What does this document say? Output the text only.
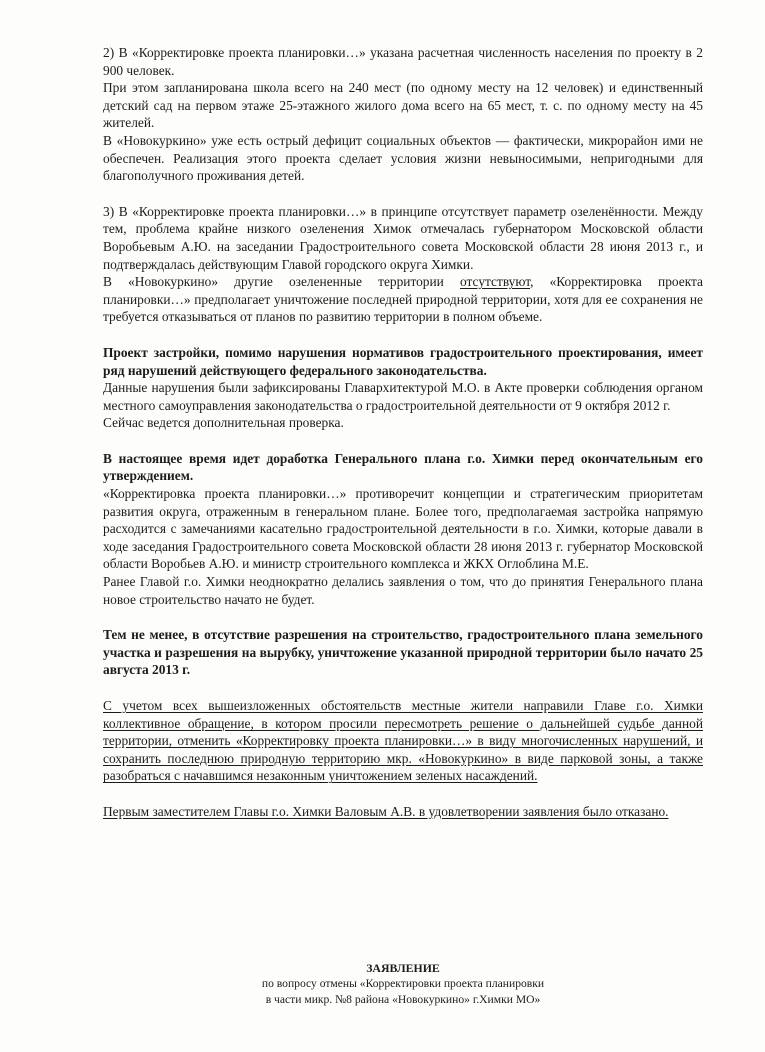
2) В «Корректировке проекта планировки…» указана расчетная численность населения по проекту в 2 900 человек.

При этом запланирована школа всего на 240 мест (по одному месту на 12 человек) и единственный детский сад на первом этаже 25-этажного жилого дома всего на 65 мест, т. с. по одному месту на 45 жителей.

В «Новокуркино» уже есть острый дефицит социальных объектов — фактически, микрорайон ими не обеспечен. Реализация этого проекта сделает условия жизни невыносимыми, непригодными для благополучного проживания детей.

3) В «Корректировке проекта планировки…» в принципе отсутствует параметр озеленённости. Между тем, проблема крайне низкого озеленения Химок отмечалась губернатором Московской области Воробьевым А.Ю. на заседании Градостроительного совета Московской области 28 июня 2013 г., и подтверждалась действующим Главой городского округа Химки.

В «Новокуркино» другие озелененные территории отсутствуют, «Корректировка проекта планировки…» предполагает уничтожение последней природной территории, хотя для ее сохранения не требуется отказываться от планов по развитию территории в полном объеме.

Проект застройки, помимо нарушения нормативов градостроительного проектирования, имеет ряд нарушений действующего федерального законодательства.

Данные нарушения были зафиксированы Главархитектурой М.О. в Акте проверки соблюдения органом местного самоуправления законодательства о градостроительной деятельности от 9 октября 2012 г.

Сейчас ведется дополнительная проверка.

В настоящее время идет доработка Генерального плана г.о. Химки перед окончательным его утверждением.

«Корректировка проекта планировки…» противоречит концепции и стратегическим приоритетам развития округа, отраженным в генеральном плане. Более того, предполагаемая застройка напрямую расходится с замечаниями касательно градостроительной деятельности в г.о. Химки, которые давали в ходе заседания Градостроительного совета Московской области 28 июня 2013 г. губернатор Московской области Воробьев А.Ю. и министр строительного комплекса и ЖКХ Оглоблина М.Е.

Ранее Главой г.о. Химки неоднократно делались заявления о том, что до принятия Генерального плана новое строительство начато не будет.

Тем не менее, в отсутствие разрешения на строительство, градостроительного плана земельного участка и разрешения на вырубку, уничтожение указанной природной территории было начато 25 августа 2013 г.

С учетом всех вышеизложенных обстоятельств местные жители направили Главе г.о. Химки коллективное обращение, в котором просили пересмотреть решение о дальнейшей судьбе данной территории, отменить «Корректировку проекта планировки…» в виду многочисленных нарушений, и сохранить последнюю природную территорию мкр. «Новокуркино» в виде парковой зоны, а также разобраться с начавшимся незаконным уничтожением зеленых насаждений.

Первым заместителем Главы г.о. Химки Валовым А.В. в удовлетворении заявления было отказано.

ЗАЯВЛЕНИЕ
по вопросу отмены «Корректировки проекта планировки
в части микр. №8 района «Новокуркино» г.Химки МО»
